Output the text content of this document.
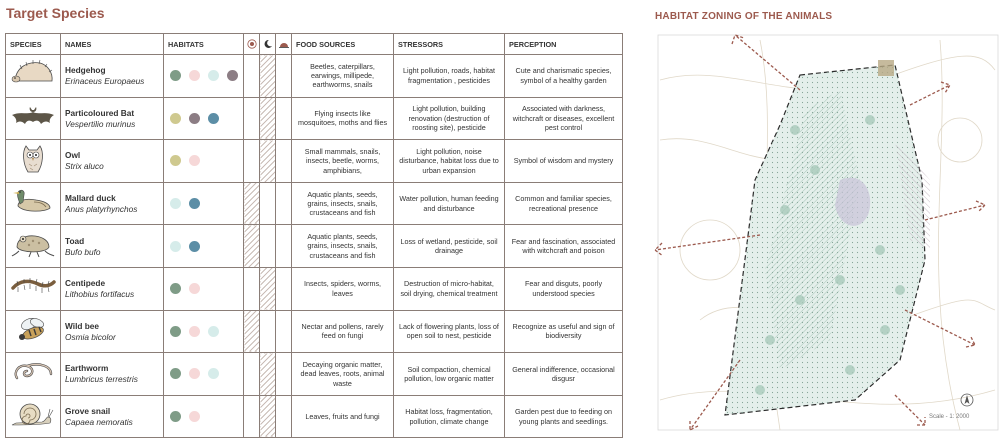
Target Species
SPECIES	NAMES	HABITATS				FOOD SOURCES	STRESSORS	PERCEPTION

Hedgehog
Erinaceus Europaeus					Beetles, caterpillars, earwings, millipede, earthworms, snails	Light pollution, roads, habitat fragmentation , pesticides	Cute and charismatic species, symbol of a healthy garden

Particoloured Bat
Vespertilio murinus					Flying insects like mosquitoes, moths and flies	Light pollution, building renovation (destruction of roosting site), pesticide	Associated with darkness, witchcraft or diseases, excellent pest control

Owl
Strix aluco					Small mammals, snails, insects, beetle, worms, amphibians,	Light pollution, noise disturbance, habitat loss due to urban expansion	Symbol of wisdom and mystery

Mallard duck
Anus platyrhynchos					Aquatic plants, seeds, grains, insects, snails, crustaceans and fish	Water pollution, human feeding and disturbance	Common and familiar species, recreational presence

Toad
Bufo bufo					Aquatic plants, seeds, grains, insects, snails, crustaceans and fish	Loss of wetland, pesticide, soil drainage	Fear and fascination, associated with witchcraft and poison

Centipede
Lithobius fortifacus					Insects, spiders, worms, leaves	Destruction of micro-habitat, soil drying, chemical treatment	Fear and disguts, poorly understood species

Wild bee
Osmia bicolor					Nectar and pollens, rarely feed on fungi	Lack of flowering plants, loss of open soil to nest, pesticide	Recognize as useful and sign of biodiversity

Earthworm
Lumbricus terrestris					Decaying organic matter, dead leaves, roots, animal waste	Soil compaction, chemical pollution, low organic matter	General indifference, occasional disgusr

Grove snail
Capaea nemoratis					Leaves, fruits and fungi	Habitat loss, fragmentation, pollution, climate change	Garden pest due to feeding on young plants and seedlings.
HABITAT ZONING OF THE ANIMALS
Scale - 1: 2000
